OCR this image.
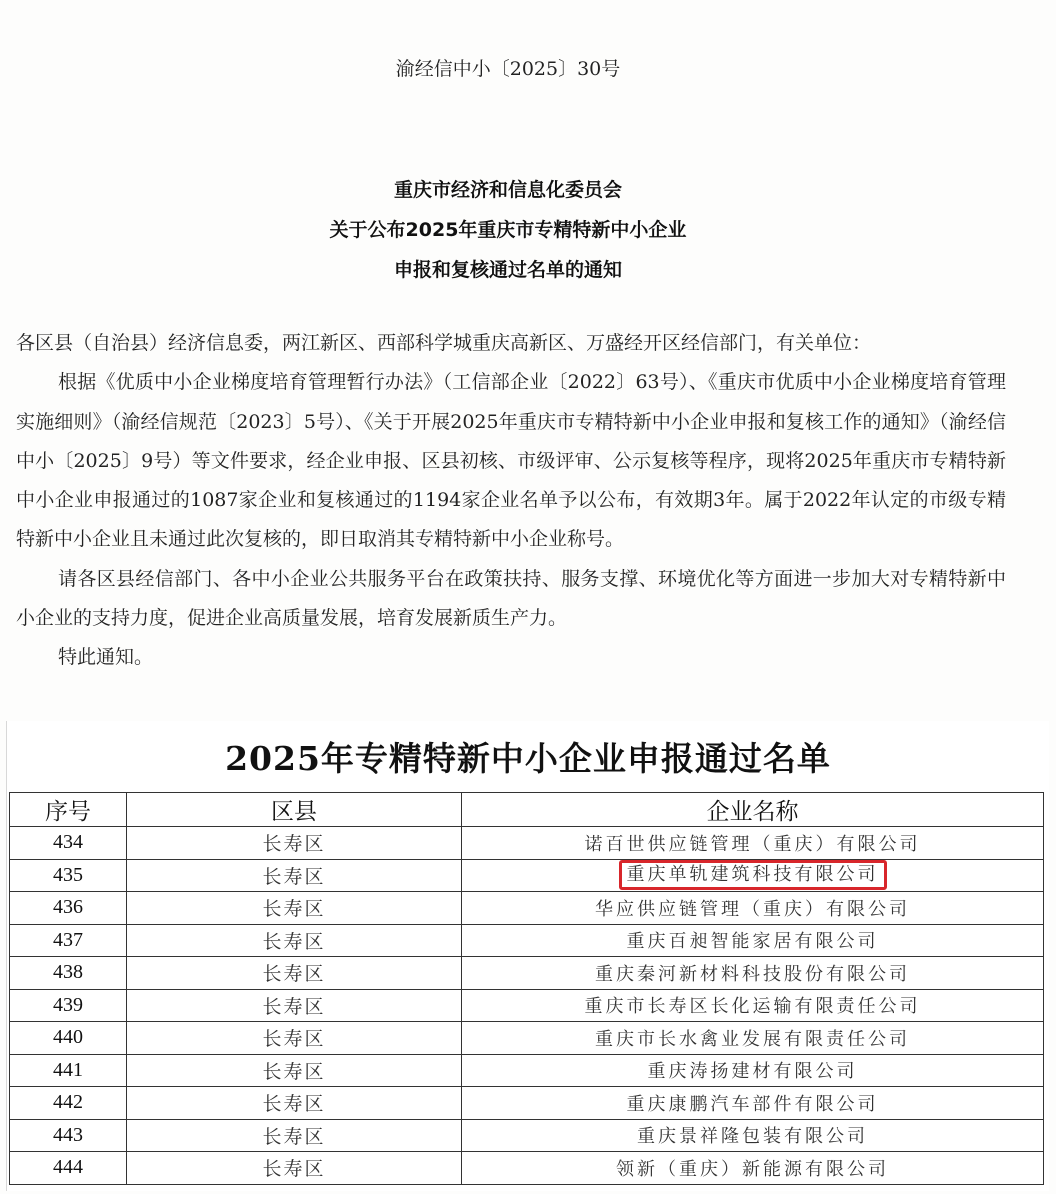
渝经信中小〔2025〕30号
重庆市经济和信息化委员会
关于公布2025年重庆市专精特新中小企业
申报和复核通过名单的通知

各区县（自治县）经济信息委，两江新区、西部科学城重庆高新区、万盛经开区经信部门，有关单位：

根据《优质中小企业梯度培育管理暂行办法》（工信部企业〔2022〕63号）、《重庆市优质中小企业梯度培育管理实施细则》（渝经信规范〔2023〕5号）、《关于开展2025年重庆市专精特新中小企业申报和复核工作的通知》（渝经信中小〔2025〕9号）等文件要求，经企业申报、区县初核、市级评审、公示复核等程序，现将2025年重庆市专精特新中小企业申报通过的1087家企业和复核通过的1194家企业名单予以公布，有效期3年。属于2022年认定的市级专精特新中小企业且未通过此次复核的，即日取消其专精特新中小企业称号。

请各区县经信部门、各中小企业公共服务平台在政策扶持、服务支撑、环境优化等方面进一步加大对专精特新中小企业的支持力度，促进企业高质量发展，培育发展新质生产力。

特此通知。

2025年专精特新中小企业申报通过名单
序号	区县	企业名称
434	长寿区	诺百世供应链管理（重庆）有限公司
435	长寿区	重庆单轨建筑科技有限公司
436	长寿区	华应供应链管理（重庆）有限公司
437	长寿区	重庆百昶智能家居有限公司
438	长寿区	重庆秦河新材料科技股份有限公司
439	长寿区	重庆市长寿区长化运输有限责任公司
440	长寿区	重庆市长水禽业发展有限责任公司
441	长寿区	重庆涛扬建材有限公司
442	长寿区	重庆康鹏汽车部件有限公司
443	长寿区	重庆景祥隆包装有限公司
444	长寿区	领新（重庆）新能源有限公司
